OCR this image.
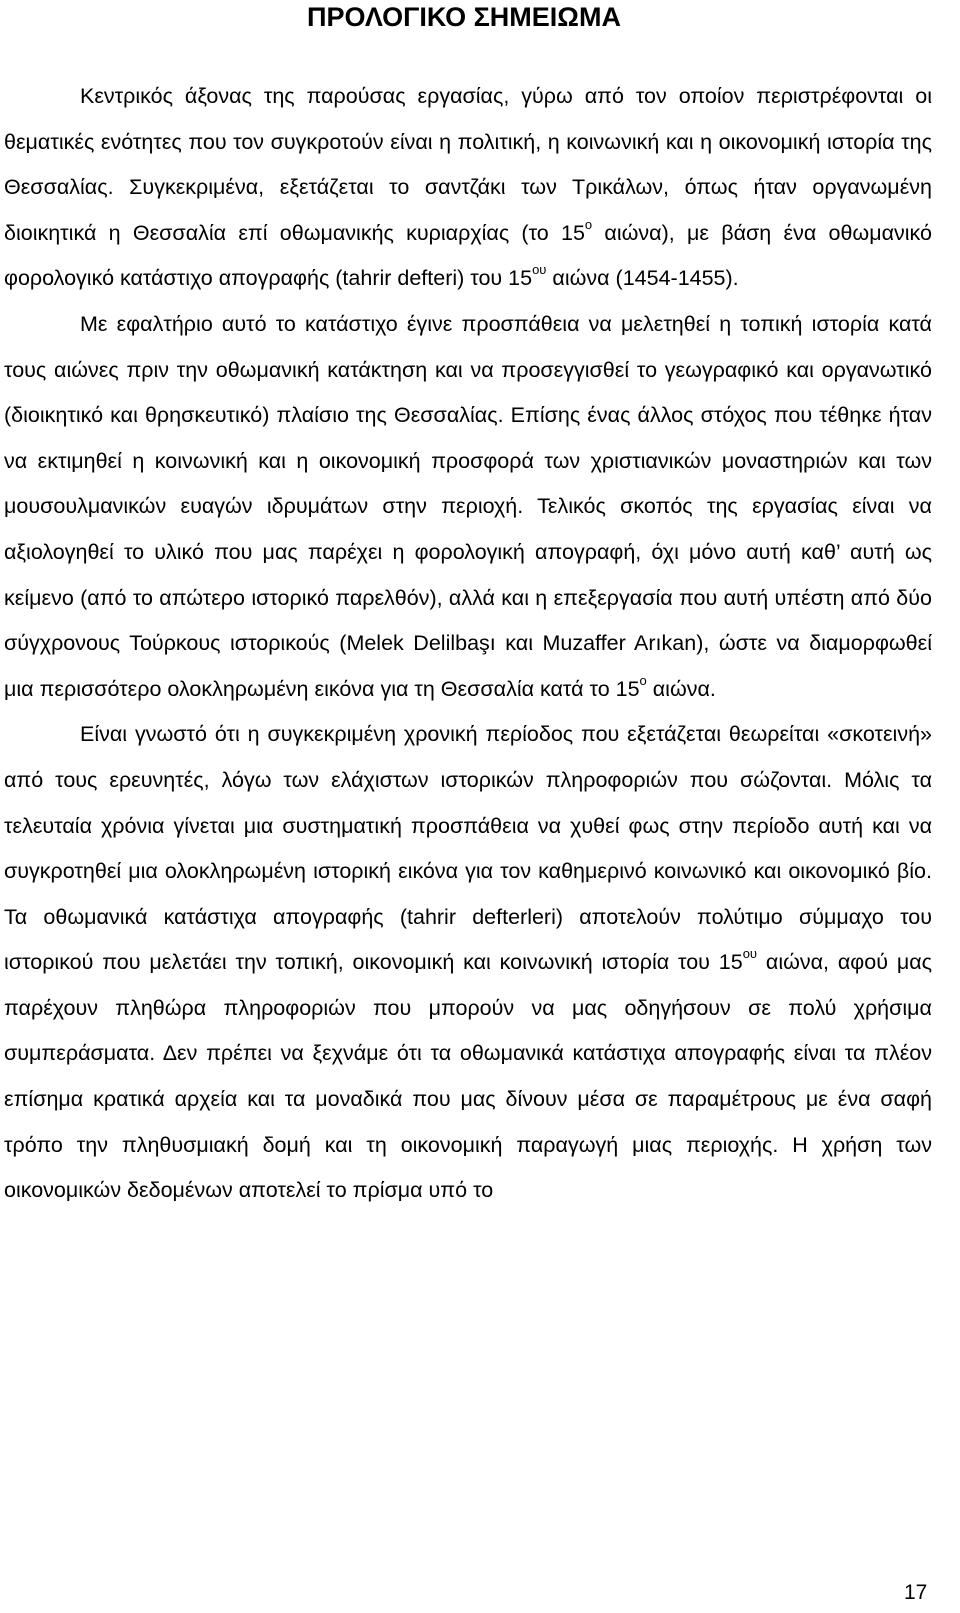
ΠΡΟΛΟΓΙΚΟ ΣΗΜΕΙΩΜΑ

Κεντρικός άξονας της παρούσας εργασίας, γύρω από τον οποίον περιστρέφονται οι θεματικές ενότητες που τον συγκροτούν είναι η πολιτική, η κοινωνική και η οικονομική ιστορία της Θεσσαλίας. Συγκεκριμένα, εξετάζεται το σαντζάκι των Τρικάλων, όπως ήταν οργανωμένη διοικητικά η Θεσσαλία επί οθωμανικής κυριαρχίας (το $15^o$ αιώνα), με βάση ένα οθωμανικό φορολογικό κατάστιχο απογραφής (tahrir defteri) του $15^{o\upsilon}$ αιώνα (1454-1455).

Με εφαλτήριο αυτό το κατάστιχο έγινε προσπάθεια να μελετηθεί η τοπική ιστορία κατά τους αιώνες πριν την οθωμανική κατάκτηση και να προσεγγισθεί το γεωγραφικό και οργανωτικό (διοικητικό και θρησκευτικό) πλαίσιο της Θεσσαλίας. Επίσης ένας άλλος στόχος που τέθηκε ήταν να εκτιμηθεί η κοινωνική και η οικονομική προσφορά των χριστιανικών μοναστηριών και των μουσουλμανικών ευαγών ιδρυμάτων στην περιοχή. Τελικός σκοπός της εργασίας είναι να αξιολογηθεί το υλικό που μας παρέχει η φορολογική απογραφή, όχι μόνο αυτή καθ’ αυτή ως κείμενο (από το απώτερο ιστορικό παρελθόν), αλλά και η επεξεργασία που αυτή υπέστη από δύο σύγχρονους Τούρκους ιστορικούς (Melek Delilbaşı και Muzaffer Arıkan), ώστε να διαμορφωθεί μια περισσότερο ολοκληρωμένη εικόνα για τη Θεσσαλία κατά το $15^o$ αιώνα.

Είναι γνωστό ότι η συγκεκριμένη χρονική περίοδος που εξετάζεται θεωρείται «σκοτεινή» από τους ερευνητές, λόγω των ελάχιστων ιστορικών πληροφοριών που σώζονται. Μόλις τα τελευταία χρόνια γίνεται μια συστηματική προσπάθεια να χυθεί φως στην περίοδο αυτή και να συγκροτηθεί μια ολοκληρωμένη ιστορική εικόνα για τον καθημερινό κοινωνικό και οικονομικό βίο. Τα οθωμανικά κατάστιχα απογραφής (tahrir defterleri) αποτελούν πολύτιμο σύμμαχο του ιστορικού που μελετάει την τοπική, οικονομική και κοινωνική ιστορία του $15^{o\upsilon}$ αιώνα, αφού μας παρέχουν πληθώρα πληροφοριών που μπορούν να μας οδηγήσουν σε πολύ χρήσιμα συμπεράσματα. Δεν πρέπει να ξεχνάμε ότι τα οθωμανικά κατάστιχα απογραφής είναι τα πλέον επίσημα κρατικά αρχεία και τα μοναδικά που μας δίνουν μέσα σε παραμέτρους με ένα σαφή τρόπο την πληθυσμιακή δομή και τη οικονομική παραγωγή μιας περιοχής. Η χρήση των οικονομικών δεδομένων αποτελεί το πρίσμα υπό το

17
